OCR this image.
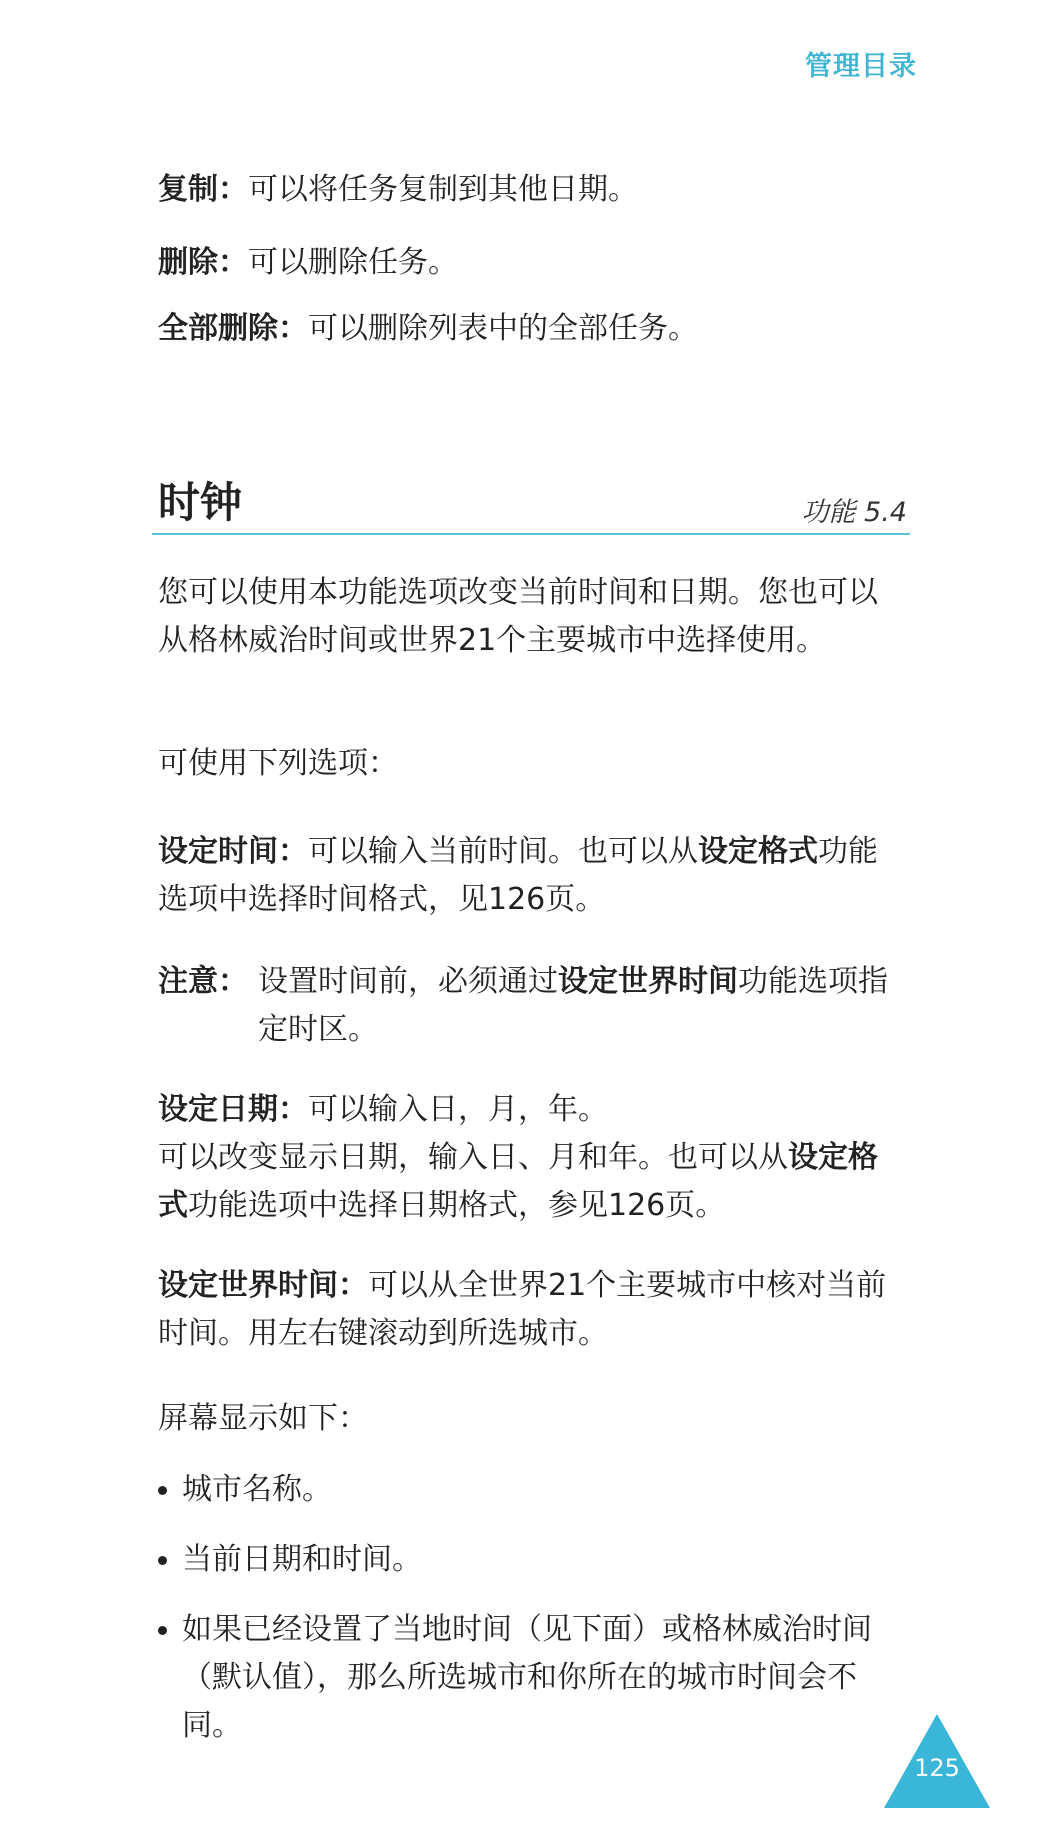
管理目录

复制：可以将任务复制到其他日期。

删除：可以删除任务。

全部删除：可以删除列表中的全部任务。

时钟	功能 5.4

您可以使用本功能选项改变当前时间和日期。您也可以从格林威治时间或世界21个主要城市中选择使用。

可使用下列选项：

设定时间：可以输入当前时间。也可以从设定格式功能选项中选择时间格式，见126页。

注意： 设置时间前，必须通过设定世界时间功能选项指定时区。
设定日期：可以输入日，月，年。
可以改变显示日期，输入日、月和年。也可以从设定格式功能选项中选择日期格式，参见126页。

设定世界时间：可以从全世界21个主要城市中核对当前时间。用左右键滚动到所选城市。

屏幕显示如下：

城市名称。
当前日期和时间。
如果已经设置了当地时间（见下面）或格林威治时间（默认值），那么所选城市和你所在的城市时间会不同。
125
